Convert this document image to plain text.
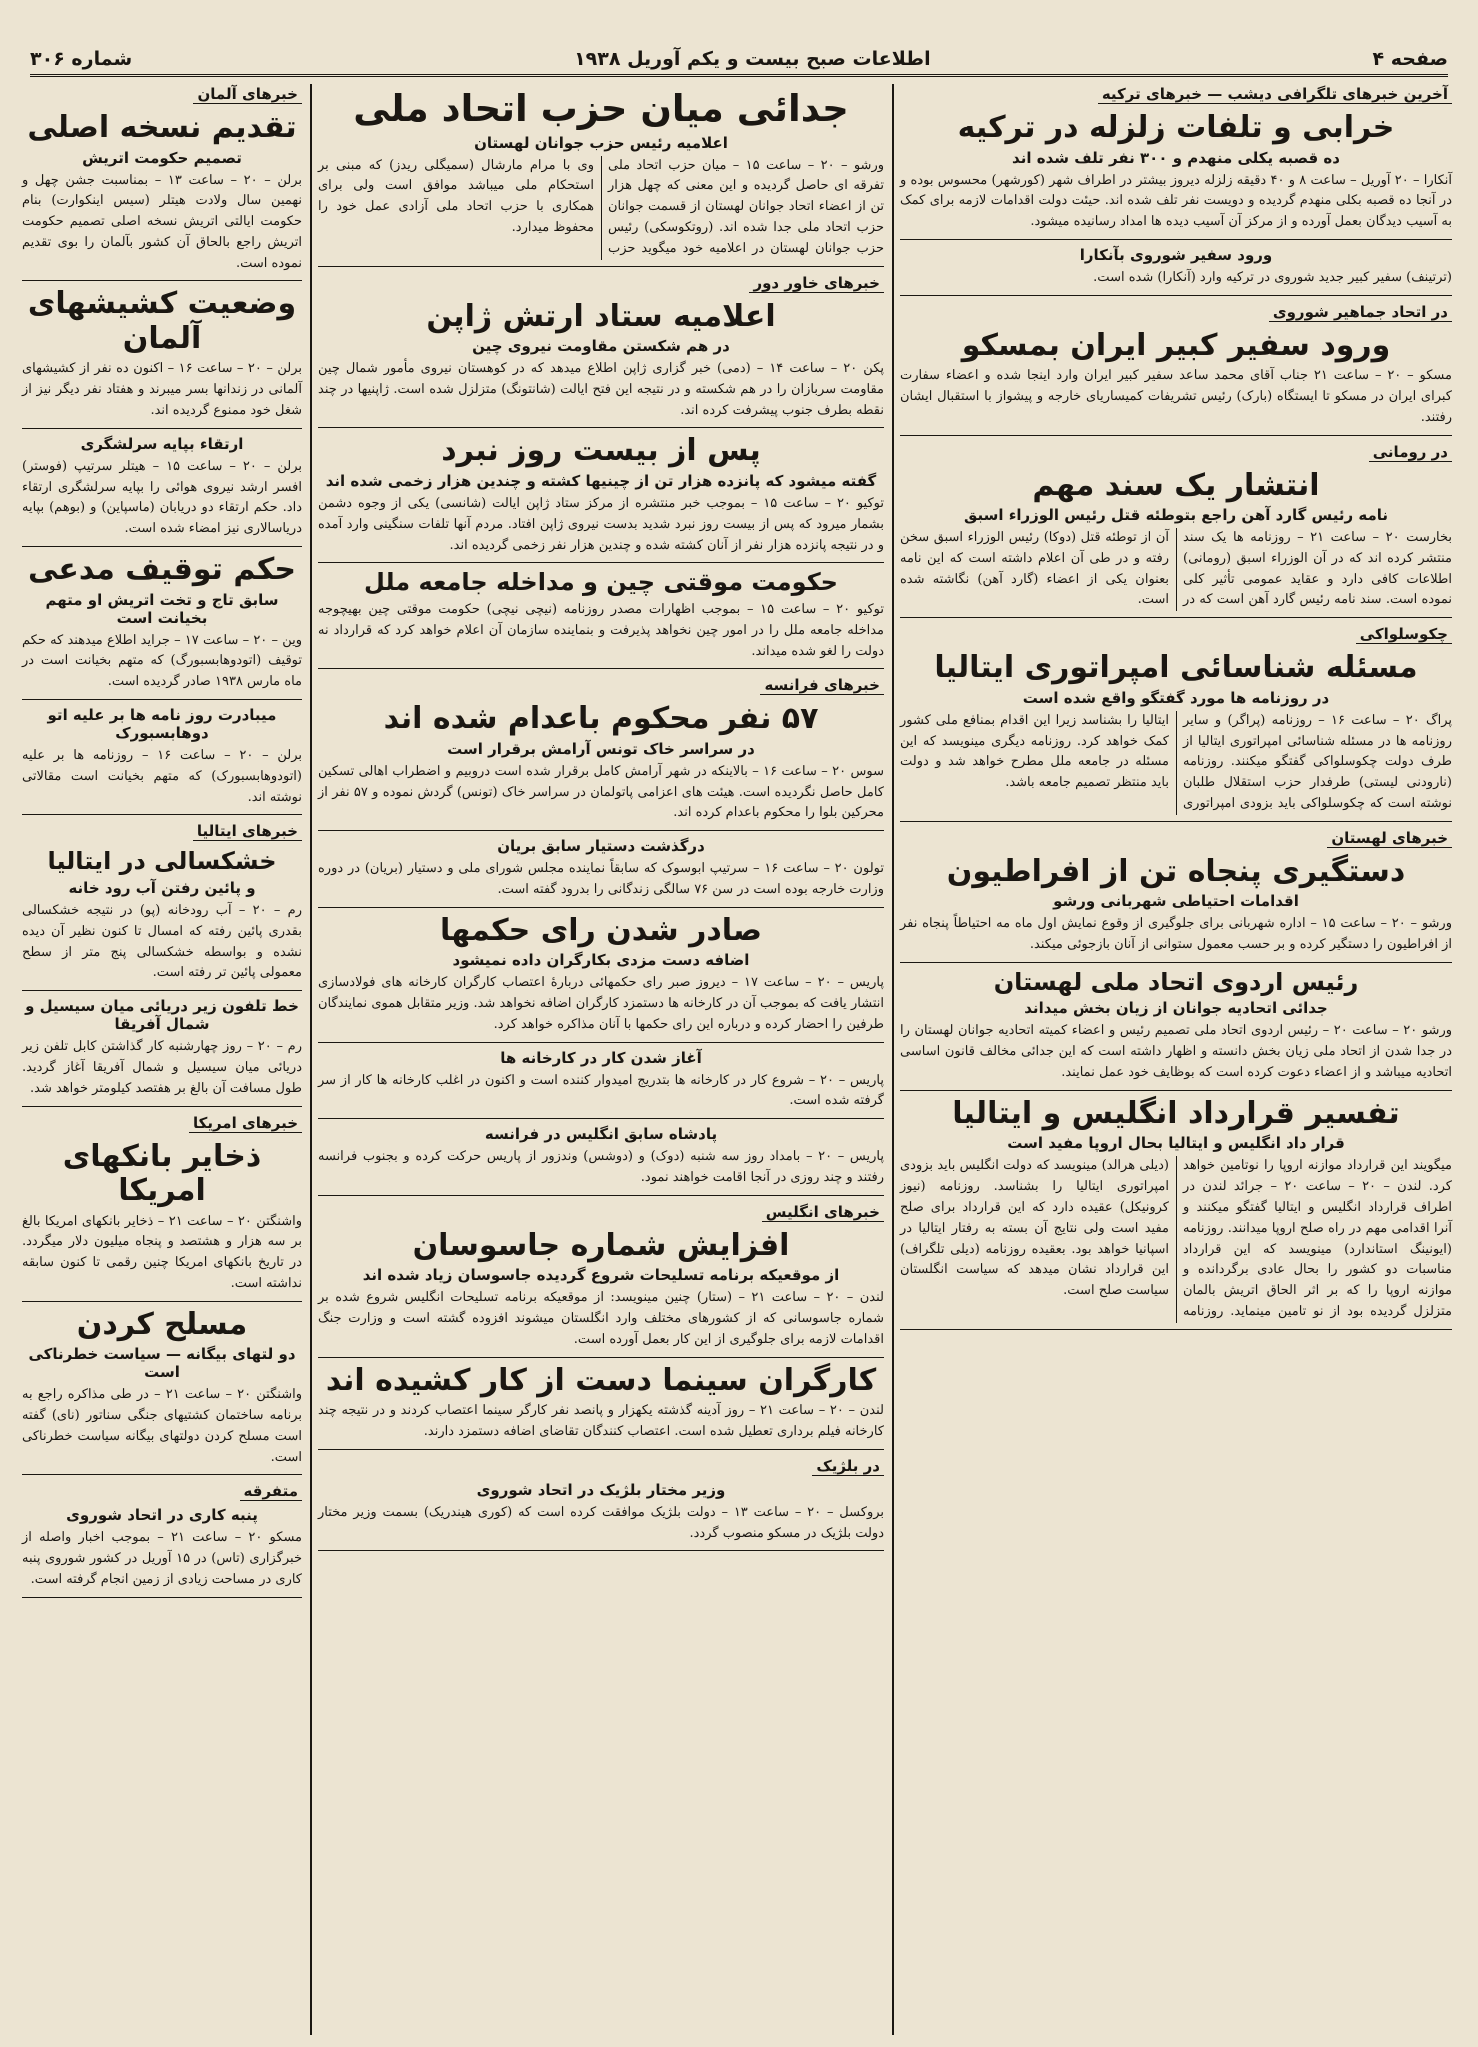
صفحه ۴
اطلاعات صبح بیست و یکم آوریل ۱۹۳۸
شماره ۳۰۶
آخرین خبرهای تلگرافی دیشب — خبرهای ترکیه
خرابی و تلفات زلزله در ترکیه
ده قصبه یکلی منهدم و ۳۰۰ نفر تلف شده اند

آنکارا – ۲۰ آوریل – ساعت ۸ و ۴۰ دقیقه زلزله دیروز بیشتر در اطراف شهر (کورشهر) محسوس بوده و در آنجا ده قصبه بکلی منهدم گردیده و دویست نفر تلف شده اند. حیئت دولت اقدامات لازمه برای کمک به آسیب دیدگان بعمل آورده و از مرکز آن آسیب دیده ها امداد رسانیده میشود.

ورود سفیر شوروی بآنکارا

(ترتینف) سفیر کبیر جدید شوروی در ترکیه وارد (آنکارا) شده است.

در اتحاد جماهیر شوروی
ورود سفیر کبیر ایران بمسکو

مسکو – ۲۰ – ساعت ۲۱ جناب آقای محمد ساعد سفیر کبیر ایران وارد اینجا شده و اعضاء سفارت کبرای ایران در مسکو تا ایستگاه (بارک) رئیس تشریفات کمیساریای خارجه و پیشواز با استقبال ایشان رفتند.

در رومانی
انتشار یک سند مهم
نامه رئیس گارد آهن راجع بتوطئه قتل رئیس الوزراء اسبق

بخارست ۲۰ – ساعت ۲۱ – روزنامه ها یک سند منتشر کرده اند که در آن الوزراء اسبق (رومانی) اطلاعات کافی دارد و عقاید عمومی تأثیر کلی نموده است. سند نامه رئیس گارد آهن است که در آن از توطئه قتل (دوکا) رئیس الوزراء اسبق سخن رفته و در طی آن اعلام داشته است که این نامه بعنوان یکی از اعضاء (گارد آهن) نگاشته شده است.

چکوسلواکی
مسئله شناسائی امپراتوری ایتالیا
در روزنامه ها مورد گفتگو واقع شده است

پراگ ۲۰ – ساعت ۱۶ – روزنامه (پراگر) و سایر روزنامه ها در مسئله شناسائی امپراتوری ایتالیا از طرف دولت چکوسلواکی گفتگو میکنند. روزنامه (نارودنی لیستی) طرفدار حزب استقلال طلبان نوشته است که چکوسلواکی باید بزودی امپراتوری ایتالیا را بشناسد زیرا این اقدام بمنافع ملی کشور کمک خواهد کرد. روزنامه دیگری مینویسد که این مسئله در جامعه ملل مطرح خواهد شد و دولت باید منتظر تصمیم جامعه باشد.

خبرهای لهستان
دستگیری پنجاه تن از افراطیون
اقدامات احتیاطی شهربانی ورشو

ورشو – ۲۰ – ساعت ۱۵ – اداره شهربانی برای جلوگیری از وقوع نمایش اول ماه مه احتیاطاً پنجاه نفر از افراطیون را دستگیر کرده و بر حسب معمول ستوانی از آنان بازجوئی میکند.

رئیس اردوی اتحاد ملی لهستان
جدائی اتحادیه جوانان از زیان بخش میداند

ورشو ۲۰ – ساعت ۲۰ – رئیس اردوی اتحاد ملی تصمیم رئیس و اعضاء کمیته اتحادیه جوانان لهستان را در جدا شدن از اتحاد ملی زیان بخش دانسته و اظهار داشته است که این جدائی مخالف قانون اساسی اتحادیه میباشد و از اعضاء دعوت کرده است که بوظایف خود عمل نمایند.

تفسیر قرارداد انگلیس و ایتالیا
قرار داد انگلیس و ایتالیا بحال اروپا مفید است

میگویند این قرارداد موازنه اروپا را نوتامین خواهد کرد. لندن – ۲۰ – ساعت ۲۰ – جرائد لندن در اطراف قرارداد انگلیس و ایتالیا گفتگو میکنند و آنرا اقدامی مهم در راه صلح اروپا میدانند. روزنامه (ایونینگ استاندارد) مینویسد که این قرارداد مناسبات دو کشور را بحال عادی برگردانده و موازنه اروپا را که بر اثر الحاق اتریش بالمان متزلزل گردیده بود از نو تامین مینماید. روزنامه (دیلی هرالد) مینویسد که دولت انگلیس باید بزودی امپراتوری ایتالیا را بشناسد. روزنامه (نیوز کرونیکل) عقیده دارد که این قرارداد برای صلح مفید است ولی نتایج آن بسته به رفتار ایتالیا در اسپانیا خواهد بود. بعقیده روزنامه (دیلی تلگراف) این قرارداد نشان میدهد که سیاست انگلستان سیاست صلح است.

جدائی میان حزب اتحاد ملی
اعلامیه رئیس حزب جوانان لهستان

ورشو – ۲۰ – ساعت ۱۵ – میان حزب اتحاد ملی تفرقه ای حاصل گردیده و این معنی که چهل هزار تن از اعضاء اتحاد جوانان لهستان از قسمت جوانان حزب اتحاد ملی جدا شده اند. (روتکوسکی) رئیس حزب جوانان لهستان در اعلامیه خود میگوید حزب وی با مرام مارشال (سمیگلی ریدز) که مبنی بر استحکام ملی میباشد موافق است ولی برای همکاری با حزب اتحاد ملی آزادی عمل خود را محفوظ میدارد.

خبرهای خاور دور
اعلامیه ستاد ارتش ژاپن
در هم شکستن مقاومت نیروی چین

پکن ۲۰ – ساعت ۱۴ – (دمی) خبر گزاری ژاپن اطلاع میدهد که در کوهستان نیروی مأمور شمال چین مقاومت سربازان را در هم شکسته و در نتیجه این فتح ایالت (شانتونگ) متزلزل شده است. ژاپنیها در چند نقطه بطرف جنوب پیشرفت کرده اند.

پس از بیست روز نبرد
گفته میشود که پانزده هزار تن از چینیها کشته و چندین هزار زخمی شده اند

توکیو ۲۰ – ساعت ۱۵ – بموجب خبر منتشره از مرکز ستاد ژاپن ایالت (شانسی) یکی از وجوه دشمن بشمار میرود که پس از بیست روز نبرد شدید بدست نیروی ژاپن افتاد. مردم آنها تلفات سنگینی وارد آمده و در نتیجه پانزده هزار نفر از آنان کشته شده و چندین هزار نفر زخمی گردیده اند.

حکومت موقتی چین و مداخله جامعه ملل

توکیو ۲۰ – ساعت ۱۵ – بموجب اظهارات مصدر روزنامه (نیچی نیچی) حکومت موقتی چین بهیچوجه مداخله جامعه ملل را در امور چین نخواهد پذیرفت و بنماینده سازمان آن اعلام خواهد کرد که قرارداد نه دولت را لغو شده میداند.

خبرهای فرانسه
۵۷ نفر محکوم باعدام شده اند
در سراسر خاک تونس آرامش برقرار است

سوس ۲۰ – ساعت ۱۶ – بالاینکه در شهر آرامش کامل برقرار شده است دروبیم و اضطراب اهالی تسکین کامل حاصل نگردیده است. هیئت های اعزامی پاتولمان در سراسر خاک (تونس) گردش نموده و ۵۷ نفر از محرکین بلوا را محکوم باعدام کرده اند.

درگذشت دستیار سابق بریان

تولون ۲۰ – ساعت ۱۶ – سرتیپ ابوسوک که سابقاً نماینده مجلس شورای ملی و دستیار (بریان) در دوره وزارت خارجه بوده است در سن ۷۶ سالگی زندگانی را بدرود گفته است.

صادر شدن رای حکمها
اضافه دست مزدی بکارگران داده نمیشود

پاریس – ۲۰ – ساعت ۱۷ – دیروز صبر رای حکمهائی دربارهٔ اعتصاب کارگران کارخانه های فولادسازی انتشار یافت که بموجب آن در کارخانه ها دستمزد کارگران اضافه نخواهد شد. وزیر متقابل هموی نمایندگان طرفین را احضار کرده و درباره این رای حکمها با آنان مذاکره خواهد کرد.

آغاز شدن کار در کارخانه ها

پاریس – ۲۰ – شروع کار در کارخانه ها بتدریج امیدوار کننده است و اکنون در اغلب کارخانه ها کار از سر گرفته شده است.

پادشاه سابق انگلیس در فرانسه

پاریس – ۲۰ – بامداد روز سه شنبه (دوک) و (دوشس) وندزور از پاریس حرکت کرده و بجنوب فرانسه رفتند و چند روزی در آنجا اقامت خواهند نمود.

خبرهای انگلیس
افزایش شماره جاسوسان
از موقعیکه برنامه تسلیحات شروع گردیده جاسوسان زیاد شده اند

لندن – ۲۰ – ساعت ۲۱ – (ستار) چنین مینویسد: از موقعیکه برنامه تسلیحات انگلیس شروع شده بر شماره جاسوسانی که از کشورهای مختلف وارد انگلستان میشوند افزوده گشته است و وزارت جنگ اقدامات لازمه برای جلوگیری از این کار بعمل آورده است.

کارگران سینما دست از کار کشیده اند

لندن – ۲۰ – ساعت ۲۱ – روز آدینه گذشته یکهزار و پانصد نفر کارگر سینما اعتصاب کردند و در نتیجه چند کارخانه فیلم برداری تعطیل شده است. اعتصاب کنندگان تقاضای اضافه دستمزد دارند.

در بلژیک
وزیر مختار بلژیک در اتحاد شوروی

بروکسل – ۲۰ – ساعت ۱۳ – دولت بلژیک موافقت کرده است که (کوری هیندریک) بسمت وزیر مختار دولت بلژیک در مسکو منصوب گردد.

خبرهای آلمان
تقدیم نسخه اصلی
تصمیم حکومت اتریش

برلن – ۲۰ – ساعت ۱۳ – بمناسبت جشن چهل و نهمین سال ولادت هیتلر (سیس اینکوارت) بنام حکومت ایالتی اتریش نسخه اصلی تصمیم حکومت اتریش راجع بالحاق آن کشور بآلمان را بوی تقدیم نموده است.

وضعیت کشیشهای آلمان

برلن – ۲۰ – ساعت ۱۶ – اکنون ده نفر از کشیشهای آلمانی در زندانها بسر میبرند و هفتاد نفر دیگر نیز از شغل خود ممنوع گردیده اند.

ارتقاء بپایه سرلشگری

برلن – ۲۰ – ساعت ۱۵ – هیتلر سرتیپ (فوستر) افسر ارشد نیروی هوائی را بپایه سرلشگری ارتقاء داد. حکم ارتقاء دو دریابان (ماسپاین) و (بوهم) بپایه دریاسالاری نیز امضاء شده است.

حکم توقیف مدعی
سابق تاج و تخت اتریش او متهم بخیانت است

وین – ۲۰ – ساعت ۱۷ – جراید اطلاع میدهند که حکم توقیف (اتودوهابسبورگ) که متهم بخیانت است در ماه مارس ۱۹۳۸ صادر گردیده است.

میبادرت روز نامه ها بر علیه اتو دوهابسبورک

برلن – ۲۰ – ساعت ۱۶ – روزنامه ها بر علیه (اتودوهابسبورک) که متهم بخیانت است مقالاتی نوشته اند.

خبرهای ایتالیا
خشکسالی در ایتالیا
و پائین رفتن آب رود خانه

رم – ۲۰ – آب رودخانه (پو) در نتیجه خشکسالی بقدری پائین رفته که امسال تا کنون نظیر آن دیده نشده و بواسطه خشکسالی پنج متر از سطح معمولی پائین تر رفته است.

خط تلفون زیر دریائی میان سیسیل و شمال آفریقا

رم – ۲۰ – روز چهارشنبه کار گذاشتن کابل تلفن زیر دریائی میان سیسیل و شمال آفریقا آغاز گردید. طول مسافت آن بالغ بر هفتصد کیلومتر خواهد شد.

خبرهای امریکا
ذخایر بانکهای امریکا

واشنگتن ۲۰ – ساعت ۲۱ – ذخایر بانکهای امریکا بالغ بر سه هزار و هشتصد و پنجاه میلیون دلار میگردد. در تاریخ بانکهای امریکا چنین رقمی تا کنون سابقه نداشته است.

مسلح کردن
دو لتهای بیگانه — سیاست خطرناکی است

واشنگتن ۲۰ – ساعت ۲۱ – در طی مذاکره راجع به برنامه ساختمان کشتیهای جنگی سناتور (نای) گفته است مسلح کردن دولتهای بیگانه سیاست خطرناکی است.

متفرقه
پنبه کاری در اتحاد شوروی

مسکو ۲۰ – ساعت ۲۱ – بموجب اخبار واصله از خبرگزاری (تاس) در ۱۵ آوریل در کشور شوروی پنبه کاری در مساحت زیادی از زمین انجام گرفته است.
